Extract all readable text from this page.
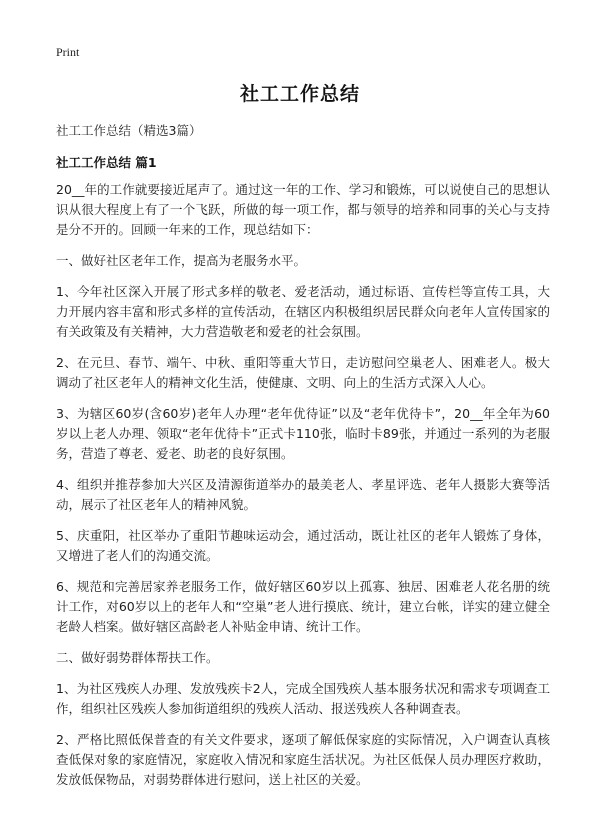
Print
社工工作总结
社工工作总结（精选3篇）
社工工作总结 篇1

20__年的工作就要接近尾声了。通过这一年的工作、学习和锻炼，可以说使自己的思想认识从很大程度上有了一个飞跃，所做的每一项工作，都与领导的培养和同事的关心与支持是分不开的。回顾一年来的工作，现总结如下：

一、做好社区老年工作，提高为老服务水平。

1、今年社区深入开展了形式多样的敬老、爱老活动，通过标语、宣传栏等宣传工具，大力开展内容丰富和形式多样的宣传活动，在辖区内积极组织居民群众向老年人宣传国家的有关政策及有关精神，大力营造敬老和爱老的社会氛围。

2、在元旦、春节、端午、中秋、重阳等重大节日，走访慰问空巢老人、困难老人。极大调动了社区老年人的精神文化生活，使健康、文明、向上的生活方式深入人心。

3、为辖区60岁(含60岁)老年人办理“老年优待证”以及“老年优待卡”，20__年全年为60岁以上老人办理、领取“老年优待卡”正式卡110张，临时卡89张，并通过一系列的为老服务，营造了尊老、爱老、助老的良好氛围。

4、组织并推荐参加大兴区及清源街道举办的最美老人、孝星评选、老年人摄影大赛等活动，展示了社区老年人的精神风貌。

5、庆重阳，社区举办了重阳节趣味运动会，通过活动，既让社区的老年人锻炼了身体，又增进了老人们的沟通交流。

6、规范和完善居家养老服务工作，做好辖区60岁以上孤寡、独居、困难老人花名册的统计工作，对60岁以上的老年人和“空巢”老人进行摸底、统计，建立台帐，详实的建立健全老龄人档案。做好辖区高龄老人补贴金申请、统计工作。

二、做好弱势群体帮扶工作。

1、为社区残疾人办理、发放残疾卡2人，完成全国残疾人基本服务状况和需求专项调查工作，组织社区残疾人参加街道组织的残疾人活动、报送残疾人各种调查表。

2、严格比照低保普查的有关文件要求，逐项了解低保家庭的实际情况，入户调查认真核查低保对象的家庭情况，家庭收入情况和家庭生活状况。为社区低保人员办理医疗救助，发放低保物品，对弱势群体进行慰问，送上社区的关爱。
